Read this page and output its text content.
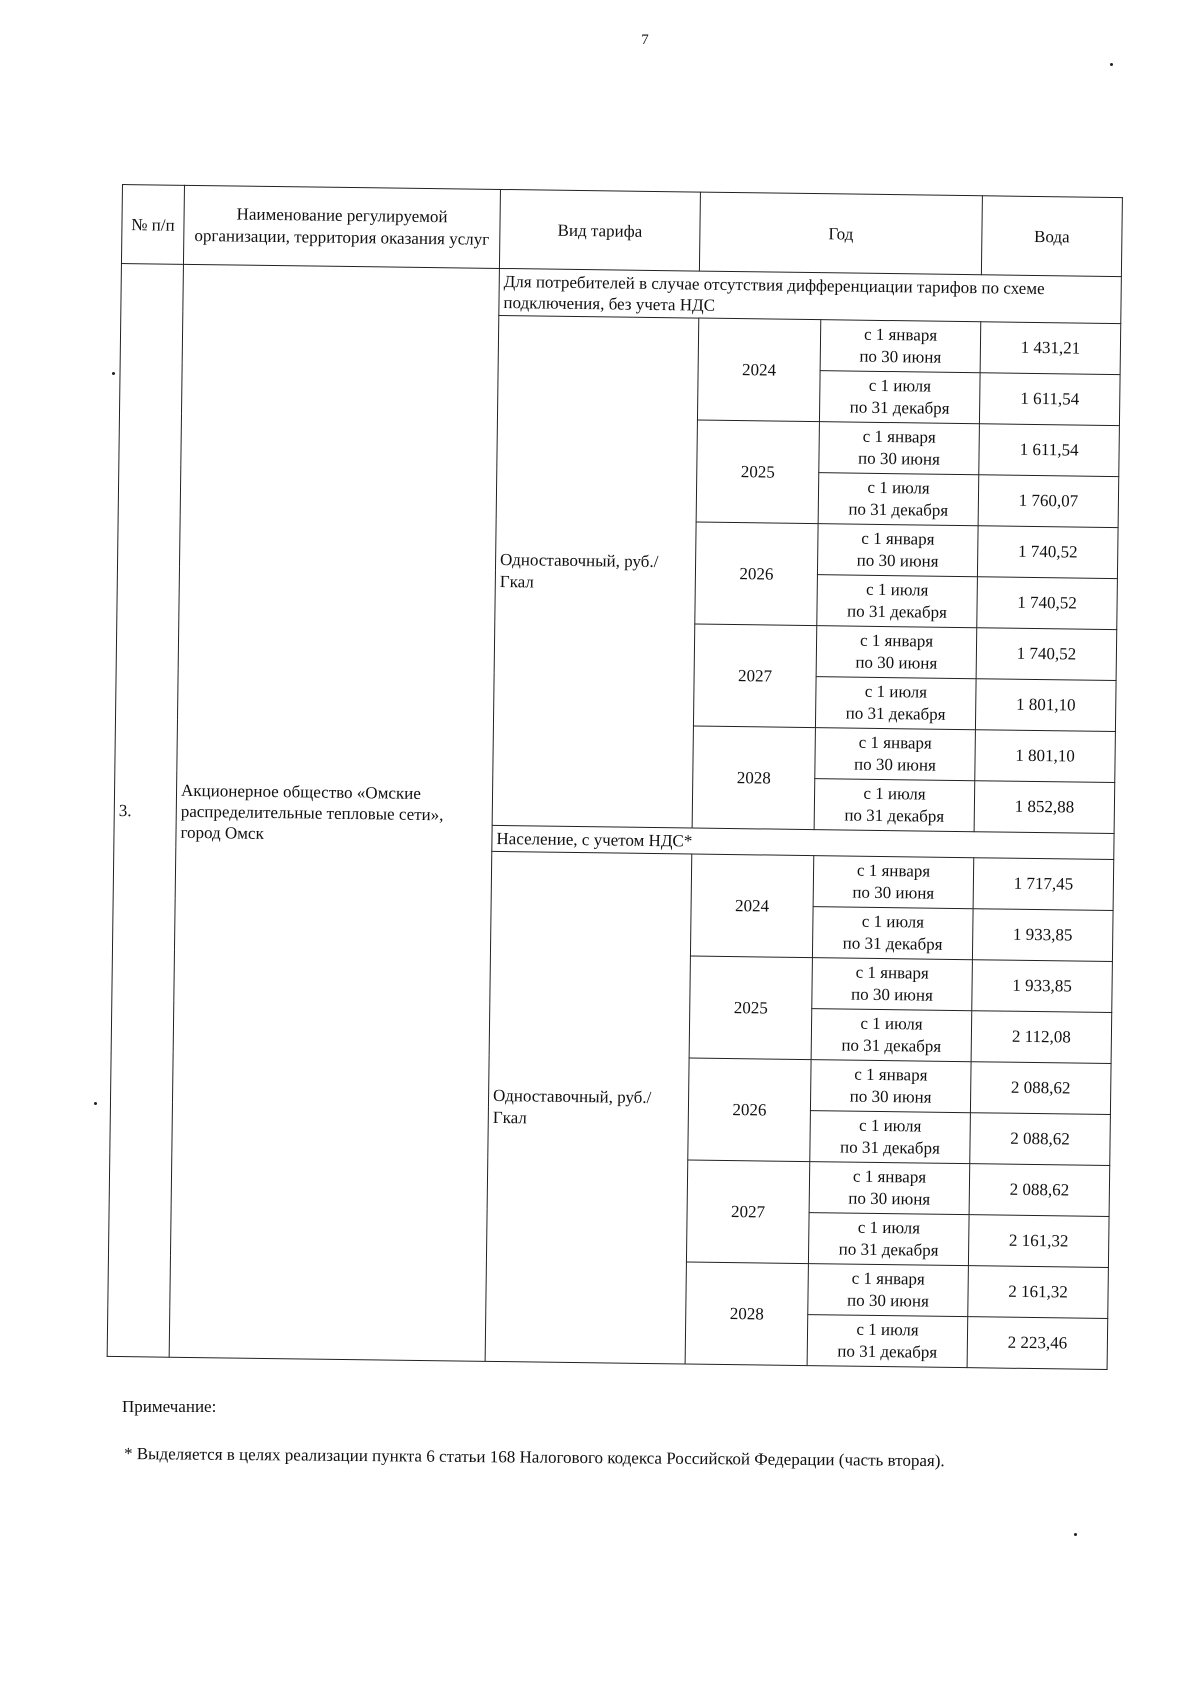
7
№ п/п	Наименование регулируемой организации, территория оказания услуг	Вид тарифа	Год		Вода
3.	Акционерное общество «Омские распределительные тепловые сети», город Омск	Для потребителей в случае отсутствия дифференциации тарифов по схеме подключения, без учета НДС			
		Одноставочный, руб./Гкал	2024	с 1 января
по 30 июня	1 431,21

				с 1 июля
по 31 декабря	1 611,54
			2025	с 1 января
по 30 июня	1 611,54

				с 1 июля
по 31 декабря	1 760,07
			2026	с 1 января
по 30 июня	1 740,52

				с 1 июля
по 31 декабря	1 740,52
			2027	с 1 января
по 30 июня	1 740,52

				с 1 июля
по 31 декабря	1 801,10
			2028	с 1 января
по 30 июня	1 801,10

				с 1 июля
по 31 декабря	1 852,88
		Население, с учетом НДС*			
		Одноставочный, руб./Гкал	2024	с 1 января
по 30 июня	1 717,45

				с 1 июля
по 31 декабря	1 933,85
			2025	с 1 января
по 30 июня	1 933,85

				с 1 июля
по 31 декабря	2 112,08
			2026	с 1 января
по 30 июня	2 088,62

				с 1 июля
по 31 декабря	2 088,62
			2027	с 1 января
по 30 июня	2 088,62

				с 1 июля
по 31 декабря	2 161,32
			2028	с 1 января
по 30 июня	2 161,32

				с 1 июля
по 31 декабря	2 223,46
Примечание:
* Выделяется в целях реализации пункта 6 статьи 168 Налогового кодекса Российской Федерации (часть вторая).
